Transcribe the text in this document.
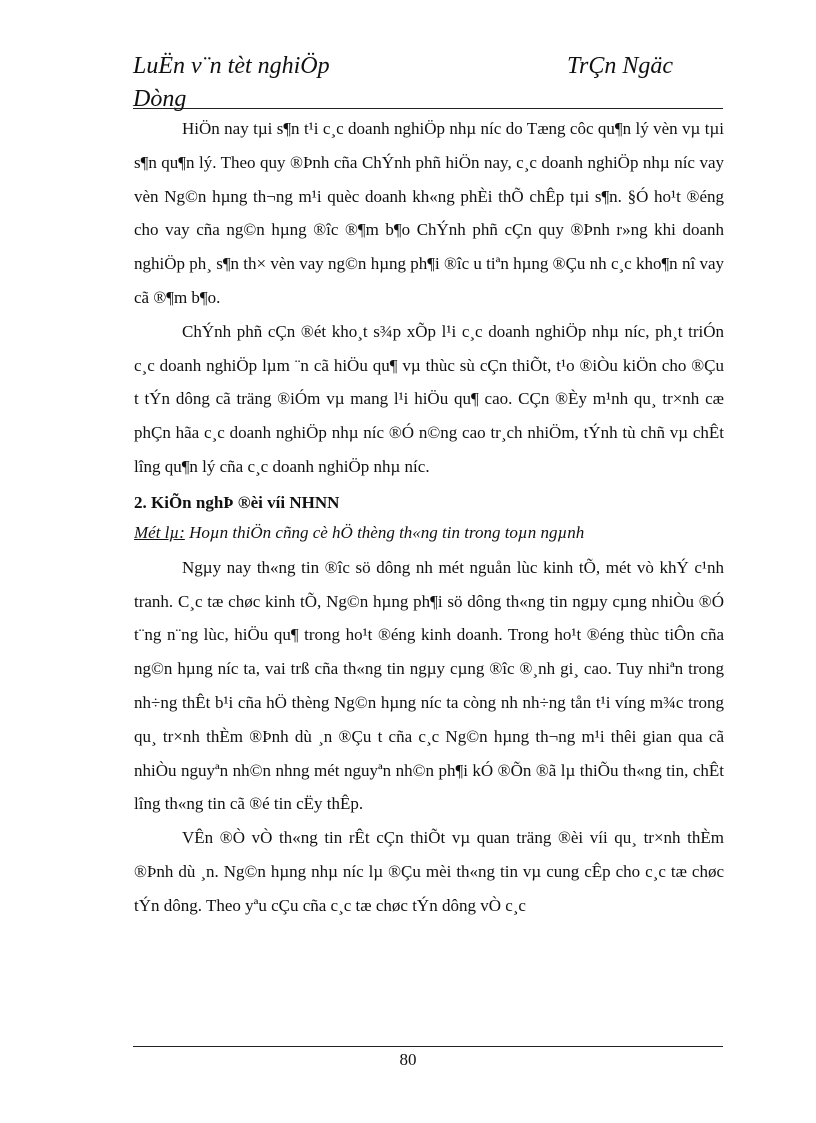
LuËn v¨n tèt nghiÖp	TrÇn Ngäc
Dòng

HiÖn nay tµi s¶n t¹i c¸c doanh nghiÖp nhµ níc do Tæng côc qu¶n lý vèn vµ tµi s¶n qu¶n lý. Theo quy ®Þnh cña ChÝnh phñ hiÖn nay, c¸c doanh nghiÖp nhµ níc vay vèn Ng©n hµng th¬ng m¹i quèc doanh kh«ng phÈi thÕ chÊp tµi s¶n. §Ó ho¹t ®éng cho vay cña ng©n hµng ®îc ®¶m b¶o ChÝnh phñ cÇn quy ®Þnh r»ng khi doanh nghiÖp ph¸ s¶n th× vèn vay ng©n hµng ph¶i ®îc u tiªn hµng ®Çu nh c¸c kho¶n nî vay cã ®¶m b¶o.

ChÝnh phñ cÇn ®ét kho¸t s¾p xÕp l¹i c¸c doanh nghiÖp nhµ níc, ph¸t triÓn c¸c doanh nghiÖp lµm ¨n cã hiÖu qu¶ vµ thùc sù cÇn thiÕt, t¹o ®iÒu kiÖn cho ®Çu t tÝn dông cã träng ®iÓm vµ mang l¹i hiÖu qu¶ cao. CÇn ®Èy m¹nh qu¸ tr×nh cæ phÇn hãa c¸c doanh nghiÖp nhµ níc ®Ó n©ng cao tr¸ch nhiÖm, tÝnh tù chñ vµ chÊt lîng qu¶n lý cña c¸c doanh nghiÖp nhµ níc.

2. KiÕn nghÞ ®èi víi NHNN

Mét lµ: Hoµn thiÖn cñng cè hÖ thèng th«ng tin trong toµn ngµnh

Ngµy nay th«ng tin ®îc sö dông nh mét nguån lùc kinh tÕ, mét vò khÝ c¹nh tranh. C¸c tæ chøc kinh tÕ, Ng©n hµng ph¶i sö dông th«ng tin ngµy cµng nhiÒu ®Ó t¨ng n¨ng lùc, hiÖu qu¶ trong ho¹t ®éng kinh doanh. Trong ho¹t ®éng thùc tiÔn cña ng©n hµng níc ta, vai trß cña th«ng tin ngµy cµng ®îc ®¸nh gi¸ cao. Tuy nhiªn trong nh÷ng thÊt b¹i cña hÖ thèng Ng©n hµng níc ta còng nh nh÷ng tån t¹i víng m¾c trong qu¸ tr×nh thÈm ®Þnh dù ¸n ®Çu t cña c¸c Ng©n hµng th¬ng m¹i thêi gian qua cã nhiÒu nguyªn nh©n nhng mét nguyªn nh©n ph¶i kÓ ®Õn ®ã lµ thiÕu th«ng tin, chÊt lîng th«ng tin cã ®é tin cËy thÊp.

VÊn ®Ò vÒ th«ng tin rÊt cÇn thiÕt vµ quan träng ®èi víi qu¸ tr×nh thÈm ®Þnh dù ¸n. Ng©n hµng nhµ níc lµ ®Çu mèi th«ng tin vµ cung cÊp cho c¸c tæ chøc tÝn dông. Theo yªu cÇu cña c¸c tæ chøc tÝn dông vÒ c¸c

80
